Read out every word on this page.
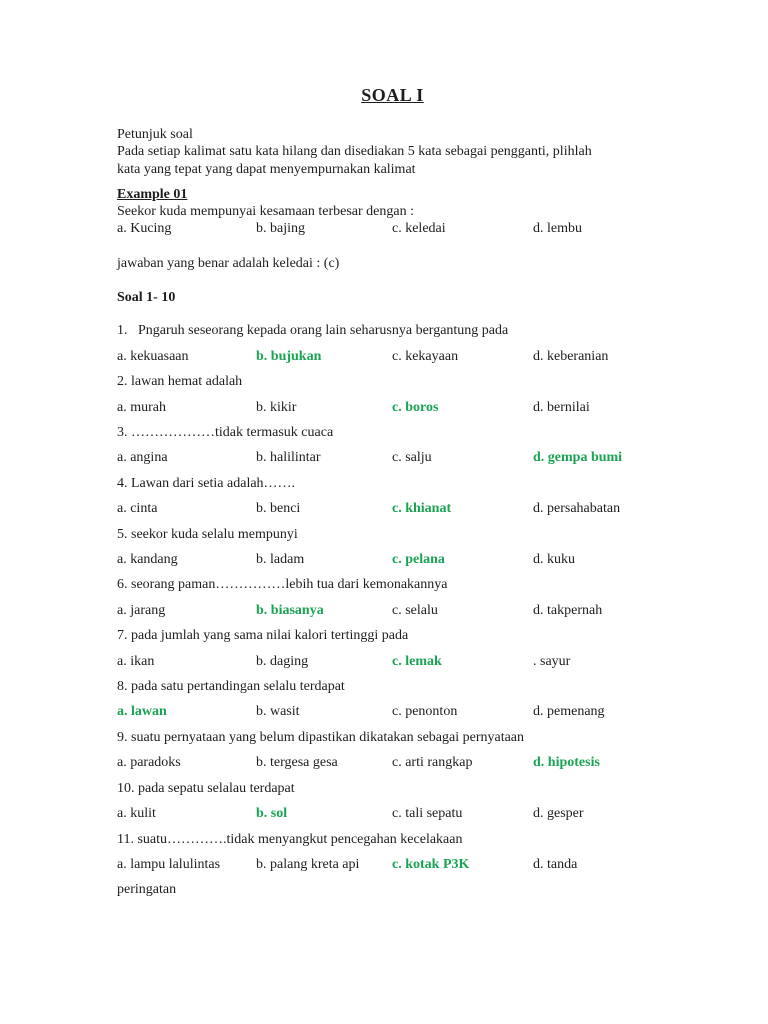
SOAL I
Petunjuk soal
Pada setiap kalimat satu kata hilang dan disediakan 5 kata sebagai pengganti, plihlah
kata yang tepat yang dapat menyempurnakan kalimat
Example 01
Seekor kuda mempunyai kesamaan terbesar dengan :
a. Kucing	b. bajing	c. keledai	d. lembu
jawaban yang benar adalah keledai : (c)
Soal 1- 10
1.   Pngaruh seseorang kepada orang lain seharusnya bergantung pada
a. kekuasaan	b. bujukan	c. kekayaan	d. keberanian
2. lawan hemat adalah
a. murah	b. kikir	c. boros	d. bernilai
3. ………………tidak termasuk cuaca
a. angina	b. halilintar	c. salju	d. gempa bumi
4. Lawan dari setia adalah…….
a. cinta	b. benci	c. khianat	d. persahabatan
5. seekor kuda selalu mempunyi
a. kandang	b. ladam	c. pelana	d. kuku
6. seorang paman……………lebih tua dari kemonakannya
a. jarang	b. biasanya	c. selalu	d. takpernah
7. pada jumlah yang sama nilai kalori tertinggi pada
a. ikan	b. daging	c. lemak	. sayur
8. pada satu pertandingan selalu terdapat
a. lawan	b. wasit	c. penonton	d. pemenang
9. suatu pernyataan yang belum dipastikan dikatakan sebagai pernyataan
a. paradoks	b. tergesa gesa	c. arti rangkap	d. hipotesis
10. pada sepatu selalau terdapat
a. kulit	b. sol	c. tali sepatu	d. gesper
11. suatu………….tidak menyangkut pencegahan kecelakaan
a. lampu lalulintas	b. palang kreta api	c. kotak P3K	d. tanda
peringatan
